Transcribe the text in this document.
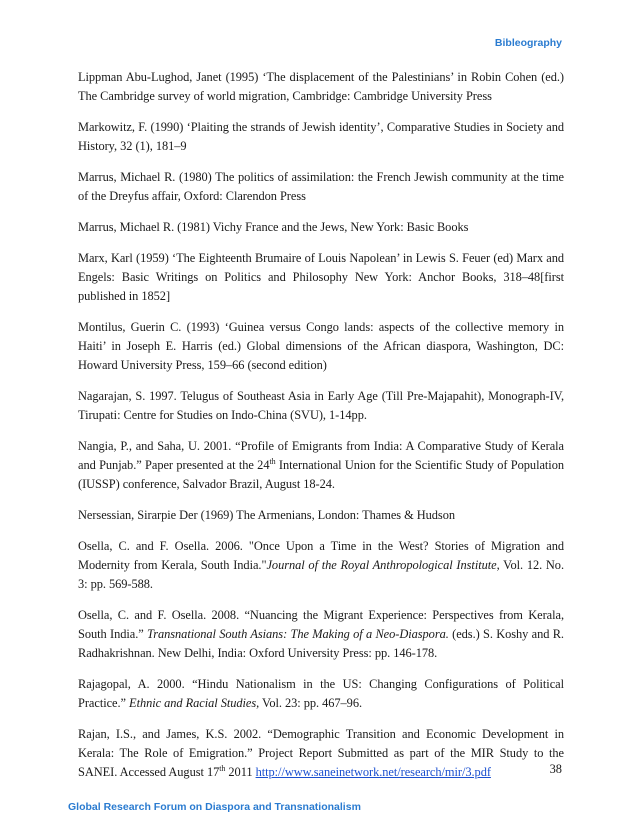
Bibleography

Lippman Abu-Lughod, Janet (1995) ‘The displacement of the Palestinians’ in Robin Cohen (ed.) The Cambridge survey of world migration, Cambridge: Cambridge University Press

Markowitz, F. (1990) ‘Plaiting the strands of Jewish identity’, Comparative Studies in Society and History, 32 (1), 181–9

Marrus, Michael R. (1980) The politics of assimilation: the French Jewish community at the time of the Dreyfus affair, Oxford: Clarendon Press

Marrus, Michael R. (1981) Vichy France and the Jews, New York: Basic Books

Marx, Karl (1959) ‘The Eighteenth Brumaire of Louis Napolean’ in Lewis S. Feuer (ed) Marx and Engels: Basic Writings on Politics and Philosophy New York: Anchor Books, 318–48[first published in 1852]

Montilus, Guerin C. (1993) ‘Guinea versus Congo lands: aspects of the collective memory in Haiti’ in Joseph E. Harris (ed.) Global dimensions of the African diaspora, Washington, DC: Howard University Press, 159–66 (second edition)

Nagarajan, S. 1997. Telugus of Southeast Asia in Early Age (Till Pre-Majapahit), Monograph-IV, Tirupati: Centre for Studies on Indo-China (SVU), 1-14pp.

Nangia, P., and Saha, U. 2001. “Profile of Emigrants from India: A Comparative Study of Kerala and Punjab.” Paper presented at the 24th International Union for the Scientific Study of Population (IUSSP) conference, Salvador Brazil, August 18-24.

Nersessian, Sirarpie Der (1969) The Armenians, London: Thames & Hudson

Osella, C. and F. Osella. 2006. "Once Upon a Time in the West? Stories of Migration and Modernity from Kerala, South India."Journal of the Royal Anthropological Institute, Vol. 12. No. 3: pp. 569-588.

Osella, C. and F. Osella. 2008. “Nuancing the Migrant Experience: Perspectives from Kerala, South India.” Transnational South Asians: The Making of a Neo-Diaspora. (eds.) S. Koshy and R. Radhakrishnan. New Delhi, India: Oxford University Press: pp. 146-178.

Rajagopal, A. 2000. “Hindu Nationalism in the US: Changing Configurations of Political Practice.” Ethnic and Racial Studies, Vol. 23: pp. 467–96.

Rajan, I.S., and James, K.S. 2002. “Demographic Transition and Economic Development in Kerala: The Role of Emigration.” Project Report Submitted as part of the MIR Study to the SANEI. Accessed August 17th 2011 http://www.saneinetwork.net/research/mir/3.pdf	38
Global Research Forum on Diaspora and Transnationalism
